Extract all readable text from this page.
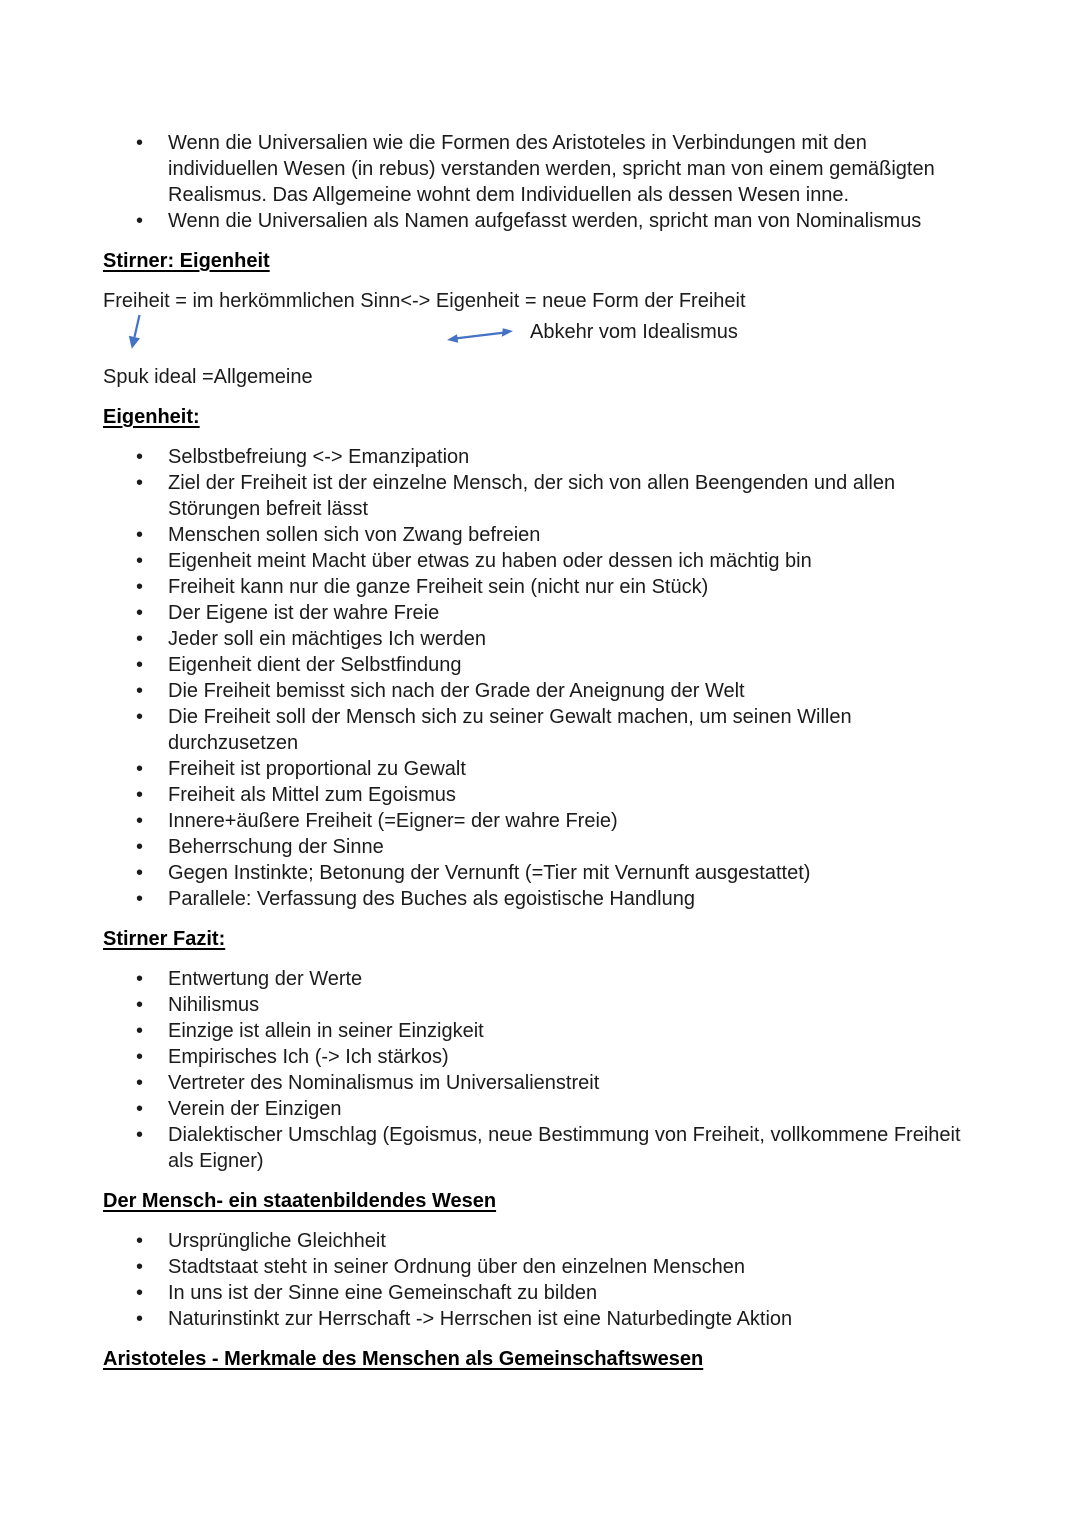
• Wenn die Universalien wie die Formen des Aristoteles in Verbindungen mit den individuellen Wesen (in rebus) verstanden werden, spricht man von einem gemäßigten Realismus. Das Allgemeine wohnt dem Individuellen als dessen Wesen inne.
• Wenn die Universalien als Namen aufgefasst werden, spricht man von Nominalismus
Stirner: Eigenheit

Freiheit = im herkömmlichen Sinn<-> Eigenheit = neue Form der Freiheit

Abkehr vom Idealismus

Spuk ideal =Allgemeine

Eigenheit:
• Selbstbefreiung <-> Emanzipation
• Ziel der Freiheit ist der einzelne Mensch, der sich von allen Beengenden und allen Störungen befreit lässt
• Menschen sollen sich von Zwang befreien
• Eigenheit meint Macht über etwas zu haben oder dessen ich mächtig bin
• Freiheit kann nur die ganze Freiheit sein (nicht nur ein Stück)
• Der Eigene ist der wahre Freie
• Jeder soll ein mächtiges Ich werden
• Eigenheit dient der Selbstfindung
• Die Freiheit bemisst sich nach der Grade der Aneignung der Welt
• Die Freiheit soll der Mensch sich zu seiner Gewalt machen, um seinen Willen durchzusetzen
• Freiheit ist proportional zu Gewalt
• Freiheit als Mittel zum Egoismus
• Innere+äußere Freiheit (=Eigner= der wahre Freie)
• Beherrschung der Sinne
• Gegen Instinkte; Betonung der Vernunft (=Tier mit Vernunft ausgestattet)
• Parallele: Verfassung des Buches als egoistische Handlung
Stirner Fazit:
• Entwertung der Werte
• Nihilismus
• Einzige ist allein in seiner Einzigkeit
• Empirisches Ich (-> Ich stärkos)
• Vertreter des Nominalismus im Universalienstreit
• Verein der Einzigen
• Dialektischer Umschlag (Egoismus, neue Bestimmung von Freiheit, vollkommene Freiheit als Eigner)
Der Mensch- ein staatenbildendes Wesen
• Ursprüngliche Gleichheit
• Stadtstaat steht in seiner Ordnung über den einzelnen Menschen
• In uns ist der Sinne eine Gemeinschaft zu bilden
• Naturinstinkt zur Herrschaft -> Herrschen ist eine Naturbedingte Aktion
Aristoteles - Merkmale des Menschen als Gemeinschaftswesen
